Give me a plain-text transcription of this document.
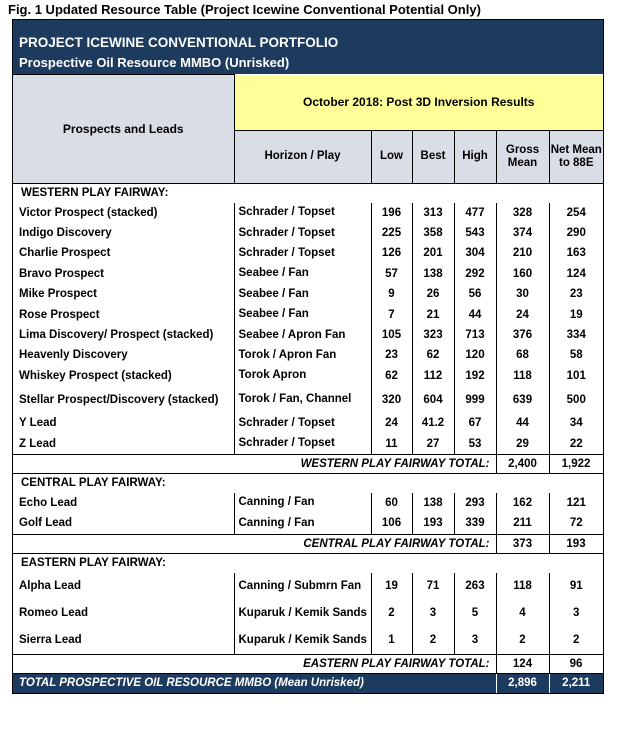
Fig. 1 Updated Resource Table (Project Icewine Conventional Potential Only)
PROJECT ICEWINE CONVENTIONAL PORTFOLIO						
Prospective Oil Resource MMBO (Unrisked)						
Prospects and Leads	October 2018: Post 3D Inversion Results					
	Horizon / Play	Low	Best	High	Gross Mean	Net Mean to 88E
WESTERN PLAY FAIRWAY:						
Victor Prospect (stacked)	Schrader / Topset	196	313	477	328	254
Indigo Discovery	Schrader / Topset	225	358	543	374	290
Charlie Prospect	Schrader / Topset	126	201	304	210	163
Bravo Prospect	Seabee / Fan	57	138	292	160	124
Mike Prospect	Seabee / Fan	9	26	56	30	23
Rose Prospect	Seabee / Fan	7	21	44	24	19
Lima Discovery/ Prospect (stacked)	Seabee / Apron Fan	105	323	713	376	334
Heavenly Discovery	Torok / Apron Fan	23	62	120	68	58
Whiskey Prospect (stacked)	Torok Apron	62	112	192	118	101
Stellar Prospect/Discovery (stacked)	Torok / Fan, Channel	320	604	999	639	500
Y Lead	Schrader / Topset	24	41.2	67	44	34
Z Lead	Schrader / Topset	11	27	53	29	22
WESTERN PLAY FAIRWAY TOTAL:					2,400	1,922
CENTRAL PLAY FAIRWAY:						
Echo Lead	Canning / Fan	60	138	293	162	121
Golf Lead	Canning / Fan	106	193	339	211	72
CENTRAL PLAY FAIRWAY TOTAL:					373	193
EASTERN PLAY FAIRWAY:						
Alpha Lead	Canning / Submrn Fan	19	71	263	118	91
Romeo Lead	Kuparuk / Kemik Sands	2	3	5	4	3
Sierra Lead	Kuparuk / Kemik Sands	1	2	3	2	2
EASTERN PLAY FAIRWAY TOTAL:					124	96
TOTAL PROSPECTIVE OIL RESOURCE MMBO (Mean Unrisked)					2,896	2,211
